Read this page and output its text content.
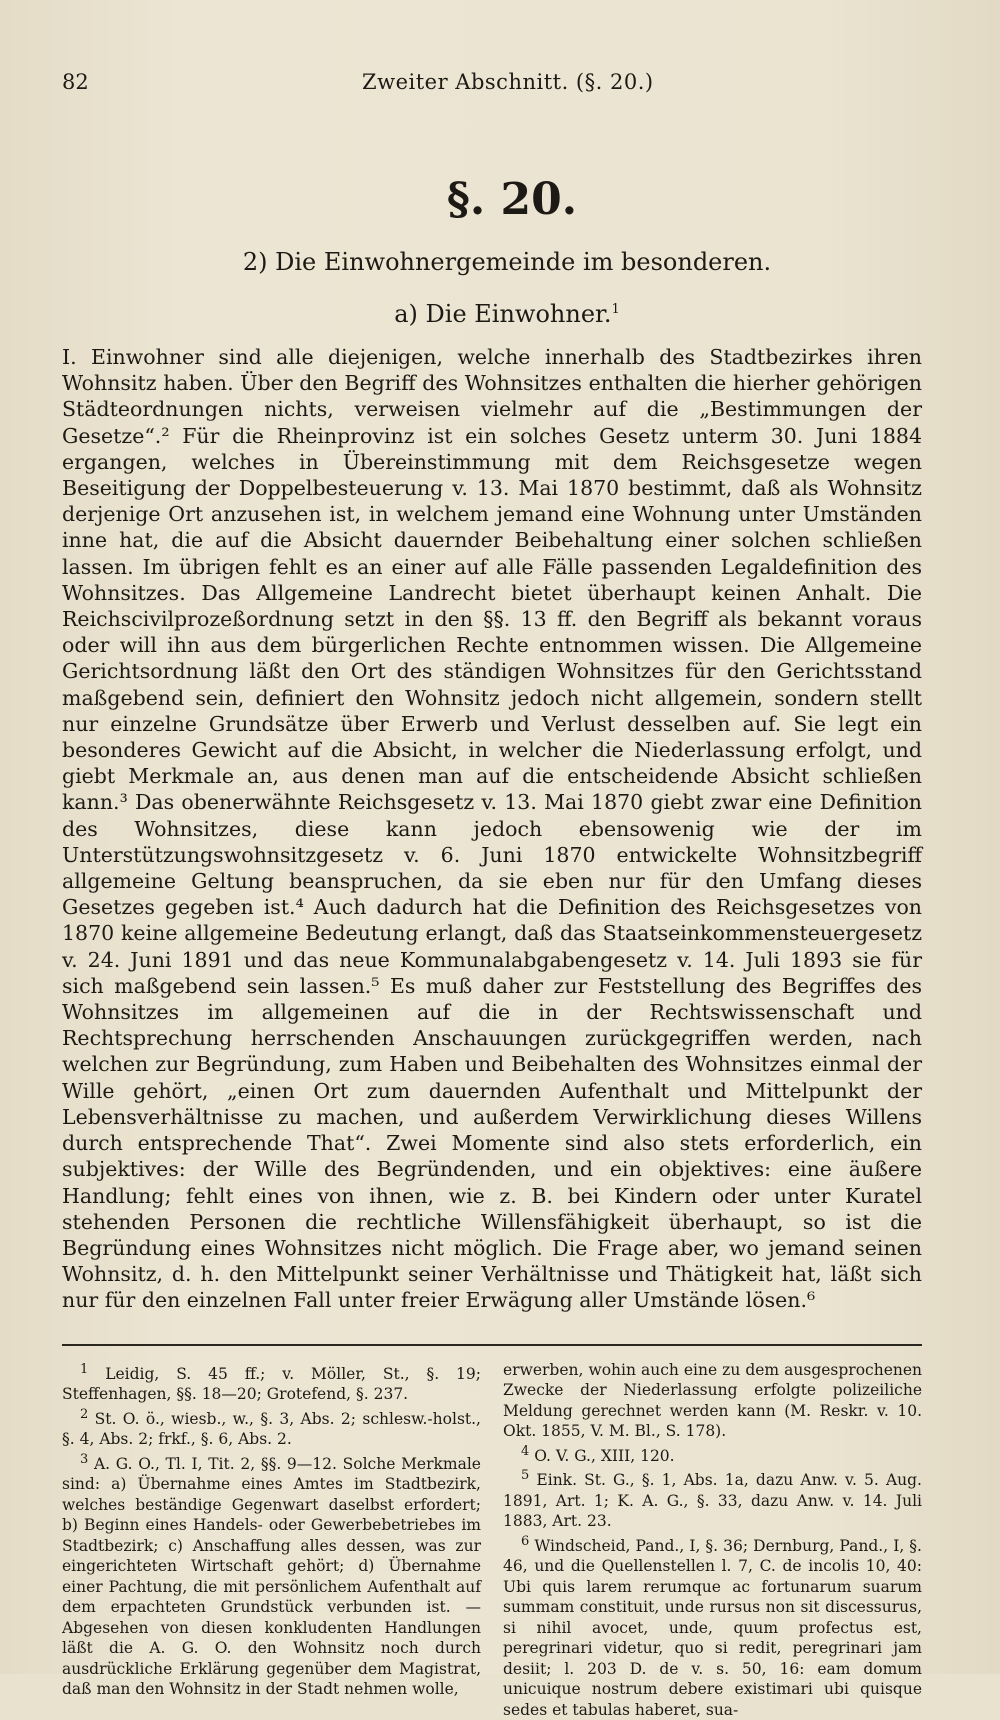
82	Zweiter Abschnitt. (§. 20.)
§. 20.
2) Die Einwohnergemeinde im besonderen.
a) Die Einwohner.$^1$
I. Einwohner sind alle diejenigen, welche innerhalb des Stadtbezirkes ihren Wohnsitz haben. Über den Begriff des Wohnsitzes enthalten die hierher gehörigen Städteordnungen nichts, verweisen vielmehr auf die „Bestimmungen der Gesetze“.² Für die Rheinprovinz ist ein solches Gesetz unterm 30. Juni 1884 ergangen, welches in Übereinstimmung mit dem Reichsgesetze wegen Beseitigung der Doppelbesteuerung v. 13. Mai 1870 bestimmt, daß als Wohnsitz derjenige Ort anzusehen ist, in welchem jemand eine Wohnung unter Umständen inne hat, die auf die Absicht dauernder Beibehaltung einer solchen schließen lassen. Im übrigen fehlt es an einer auf alle Fälle passenden Legaldefinition des Wohnsitzes. Das Allgemeine Landrecht bietet überhaupt keinen Anhalt. Die Reichscivilprozeßordnung setzt in den §§. 13 ff. den Begriff als bekannt voraus oder will ihn aus dem bürgerlichen Rechte entnommen wissen. Die Allgemeine Gerichtsordnung läßt den Ort des ständigen Wohnsitzes für den Gerichtsstand maßgebend sein, definiert den Wohnsitz jedoch nicht allgemein, sondern stellt nur einzelne Grundsätze über Erwerb und Verlust desselben auf. Sie legt ein besonderes Gewicht auf die Absicht, in welcher die Niederlassung erfolgt, und giebt Merkmale an, aus denen man auf die entscheidende Absicht schließen kann.³ Das obenerwähnte Reichsgesetz v. 13. Mai 1870 giebt zwar eine Definition des Wohnsitzes, diese kann jedoch ebensowenig wie der im Unterstützungswohnsitzgesetz v. 6. Juni 1870 entwickelte Wohnsitzbegriff allgemeine Geltung beanspruchen, da sie eben nur für den Umfang dieses Gesetzes gegeben ist.⁴ Auch dadurch hat die Definition des Reichsgesetzes von 1870 keine allgemeine Bedeutung erlangt, daß das Staatseinkommensteuergesetz v. 24. Juni 1891 und das neue Kommunalabgabengesetz v. 14. Juli 1893 sie für sich maßgebend sein lassen.⁵ Es muß daher zur Feststellung des Begriffes des Wohnsitzes im allgemeinen auf die in der Rechtswissenschaft und Rechtsprechung herrschenden Anschauungen zurückgegriffen werden, nach welchen zur Begründung, zum Haben und Beibehalten des Wohnsitzes einmal der Wille gehört, „einen Ort zum dauernden Aufenthalt und Mittelpunkt der Lebensverhältnisse zu machen, und außerdem Verwirklichung dieses Willens durch entsprechende That“. Zwei Momente sind also stets erforderlich, ein subjektives: der Wille des Begründenden, und ein objektives: eine äußere Handlung; fehlt eines von ihnen, wie z. B. bei Kindern oder unter Kuratel stehenden Personen die rechtliche Willensfähigkeit überhaupt, so ist die Begründung eines Wohnsitzes nicht möglich. Die Frage aber, wo jemand seinen Wohnsitz, d. h. den Mittelpunkt seiner Verhältnisse und Thätigkeit hat, läßt sich nur für den einzelnen Fall unter freier Erwägung aller Umstände lösen.⁶

$^1$ Leidig, S. 45 ff.; v. Möller, St., §. 19; Steffenhagen, §§. 18—20; Grotefend, §. 237.

$^2$ St. O. ö., wiesb., w., §. 3, Abs. 2; schlesw.-holst., §. 4, Abs. 2; frkf., §. 6, Abs. 2.

$^3$ A. G. O., Tl. I, Tit. 2, §§. 9—12. Solche Merkmale sind: a) Übernahme eines Amtes im Stadtbezirk, welches beständige Gegenwart daselbst erfordert; b) Beginn eines Handels- oder Gewerbebetriebes im Stadtbezirk; c) Anschaffung alles dessen, was zur eingerichteten Wirtschaft gehört; d) Übernahme einer Pachtung, die mit persönlichem Aufenthalt auf dem erpachteten Grundstück verbunden ist. — Abgesehen von diesen konkludenten Handlungen läßt die A. G. O. den Wohnsitz noch durch ausdrückliche Erklärung gegenüber dem Magistrat, daß man den Wohnsitz in der Stadt nehmen wolle,

erwerben, wohin auch eine zu dem ausgesprochenen Zwecke der Niederlassung erfolgte polizeiliche Meldung gerechnet werden kann (M. Reskr. v. 10. Okt. 1855, V. M. Bl., S. 178).

$^4$ O. V. G., XIII, 120.

$^5$ Eink. St. G., §. 1, Abs. 1a, dazu Anw. v. 5. Aug. 1891, Art. 1; K. A. G., §. 33, dazu Anw. v. 14. Juli 1883, Art. 23.

$^6$ Windscheid, Pand., I, §. 36; Dernburg, Pand., I, §. 46, und die Quellenstellen l. 7, C. de incolis 10, 40: Ubi quis larem rerumque ac fortunarum suarum summam constituit, unde rursus non sit discessurus, si nihil avocet, unde, quum profectus est, peregrinari videtur, quo si redit, peregrinari jam desiit; l. 203 D. de v. s. 50, 16: eam domum unicuique nostrum debere existimari ubi quisque sedes et tabulas haberet, sua-
